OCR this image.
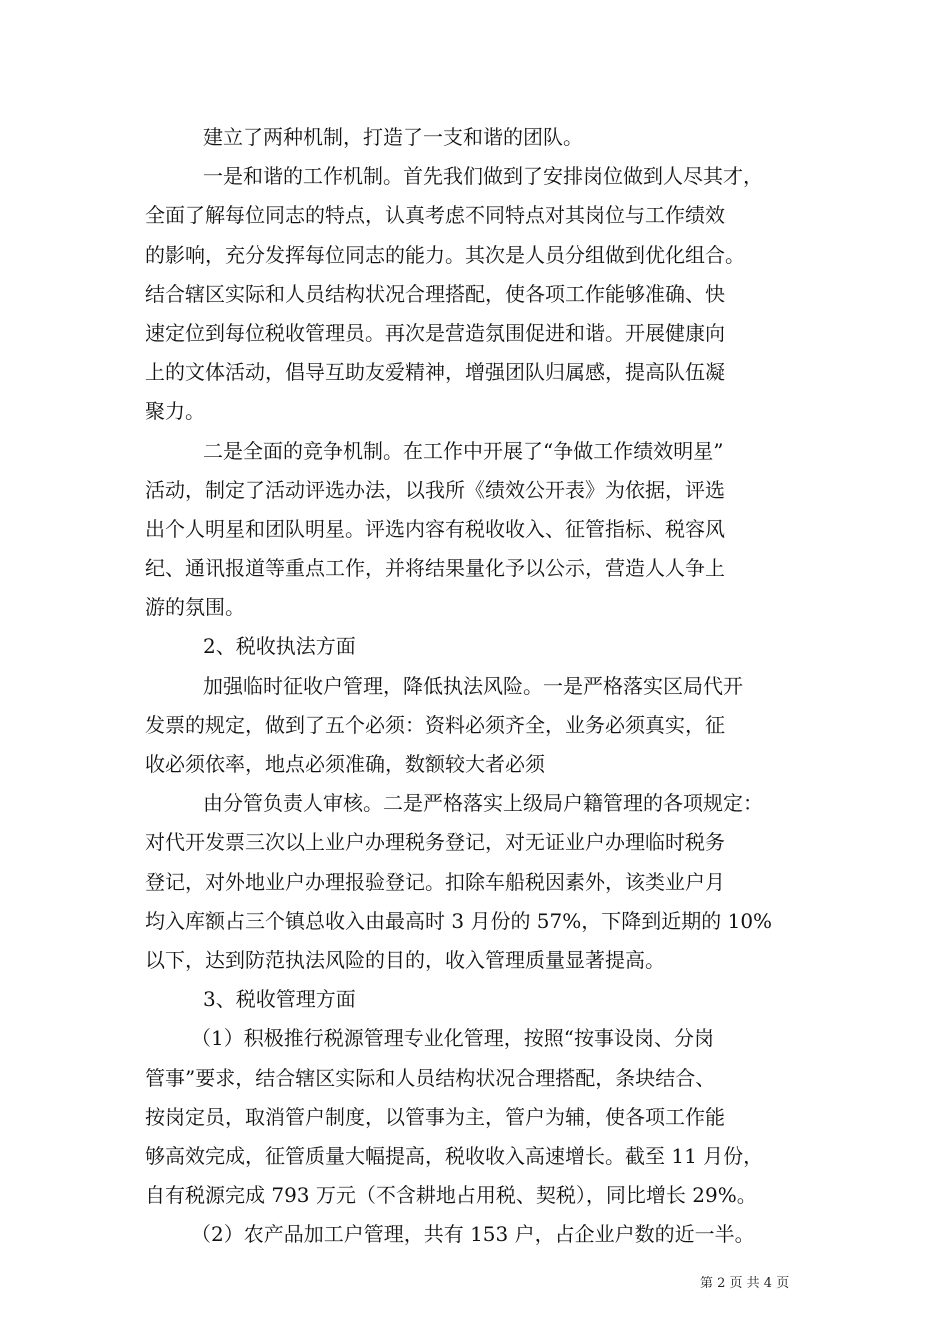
建立了两种机制，打造了一支和谐的团队。
一是和谐的工作机制。首先我们做到了安排岗位做到人尽其才，
全面了解每位同志的特点，认真考虑不同特点对其岗位与工作绩效
的影响，充分发挥每位同志的能力。其次是人员分组做到优化组合。
结合辖区实际和人员结构状况合理搭配，使各项工作能够准确、快
速定位到每位税收管理员。再次是营造氛围促进和谐。开展健康向
上的文体活动，倡导互助友爱精神，增强团队归属感，提高队伍凝
聚力。
二是全面的竞争机制。在工作中开展了“争做工作绩效明星”
活动，制定了活动评选办法，以我所《绩效公开表》为依据，评选
出个人明星和团队明星。评选内容有税收收入、征管指标、税容风
纪、通讯报道等重点工作，并将结果量化予以公示，营造人人争上
游的氛围。
2、税收执法方面
加强临时征收户管理，降低执法风险。一是严格落实区局代开
发票的规定，做到了五个必须：资料必须齐全，业务必须真实，征
收必须依率，地点必须准确，数额较大者必须
由分管负责人审核。二是严格落实上级局户籍管理的各项规定：
对代开发票三次以上业户办理税务登记，对无证业户办理临时税务
登记，对外地业户办理报验登记。扣除车船税因素外，该类业户月
均入库额占三个镇总收入由最高时 3 月份的 57%，下降到近期的 10%
以下，达到防范执法风险的目的，收入管理质量显著提高。
3、税收管理方面
（1）积极推行税源管理专业化管理，按照“按事设岗、分岗
管事”要求，结合辖区实际和人员结构状况合理搭配，条块结合、
按岗定员，取消管户制度，以管事为主，管户为辅，使各项工作能
够高效完成，征管质量大幅提高，税收收入高速增长。截至 11 月份，
自有税源完成 793 万元（不含耕地占用税、契税），同比增长 29%。
（2）农产品加工户管理，共有 153 户，占企业户数的近一半。
第 2 页 共 4 页
